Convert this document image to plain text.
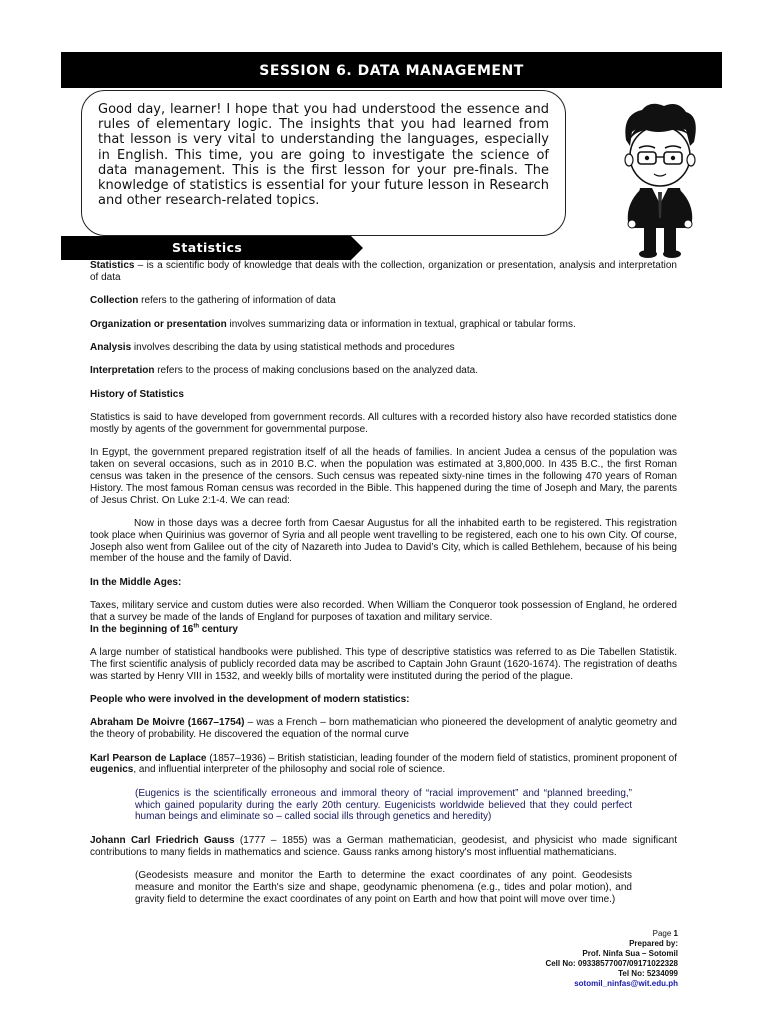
SESSION 6. DATA MANAGEMENT
Good day, learner! I hope that you had understood the essence and rules of elementary logic. The insights that you had learned from that lesson is very vital to understanding the languages, especially in English. This time, you are going to investigate the science of data management. This is the first lesson for your pre-finals. The knowledge of statistics is essential for your future lesson in Research and other research-related topics.
Statistics

Statistics – is a scientific body of knowledge that deals with the collection, organization or presentation, analysis and interpretation of data

Collection refers to the gathering of information of data

Organization or presentation involves summarizing data or information in textual, graphical or tabular forms.

Analysis involves describing the data by using statistical methods and procedures

Interpretation refers to the process of making conclusions based on the analyzed data.

History of Statistics

Statistics is said to have developed from government records. All cultures with a recorded history also have recorded statistics done mostly by agents of the government for governmental purpose.

In Egypt, the government prepared registration itself of all the heads of families. In ancient Judea a census of the population was taken on several occasions, such as in 2010 B.C. when the population was estimated at 3,800,000. In 435 B.C., the first Roman census was taken in the presence of the censors. Such census was repeated sixty-nine times in the following 470 years of Roman History. The most famous Roman census was recorded in the Bible. This happened during the time of Joseph and Mary, the parents of Jesus Christ. On Luke 2:1-4. We can read:

Now in those days was a decree forth from Caesar Augustus for all the inhabited earth to be registered. This registration took place when Quirinius was governor of Syria and all people went travelling to be registered, each one to his own City. Of course, Joseph also went from Galilee out of the city of Nazareth into Judea to David’s City, which is called Bethlehem, because of his being member of the house and the family of David.

In the Middle Ages:

Taxes, military service and custom duties were also recorded. When William the Conqueror took possession of England, he ordered that a survey be made of the lands of England for purposes of taxation and military service.

In the beginning of 16th century

A large number of statistical handbooks were published. This type of descriptive statistics was referred to as Die Tabellen Statistik. The first scientific analysis of publicly recorded data may be ascribed to Captain John Graunt (1620-1674). The registration of deaths was started by Henry VIII in 1532, and weekly bills of mortality were instituted during the period of the plague.

People who were involved in the development of modern statistics:

Abraham De Moivre (1667–1754) – was a French – born mathematician who pioneered the development of analytic geometry and the theory of probability. He discovered the equation of the normal curve

Karl Pearson de Laplace (1857–1936) – British statistician, leading founder of the modern field of statistics, prominent proponent of eugenics, and influential interpreter of the philosophy and social role of science.

(Eugenics is the scientifically erroneous and immoral theory of “racial improvement” and “planned breeding,” which gained popularity during the early 20th century. Eugenicists worldwide believed that they could perfect human beings and eliminate so – called social ills through genetics and heredity)

Johann Carl Friedrich Gauss (1777 – 1855) was a German mathematician, geodesist, and physicist who made significant contributions to many fields in mathematics and science. Gauss ranks among history's most influential mathematicians.

(Geodesists measure and monitor the Earth to determine the exact coordinates of any point. Geodesists measure and monitor the Earth's size and shape, geodynamic phenomena (e.g., tides and polar motion), and gravity field to determine the exact coordinates of any point on Earth and how that point will move over time.)

Page 1
Prepared by:
Prof. Ninfa Sua – Sotomil
Cell No: 09338577007/09171022328
Tel No: 5234099
sotomil_ninfas@wit.edu.ph
